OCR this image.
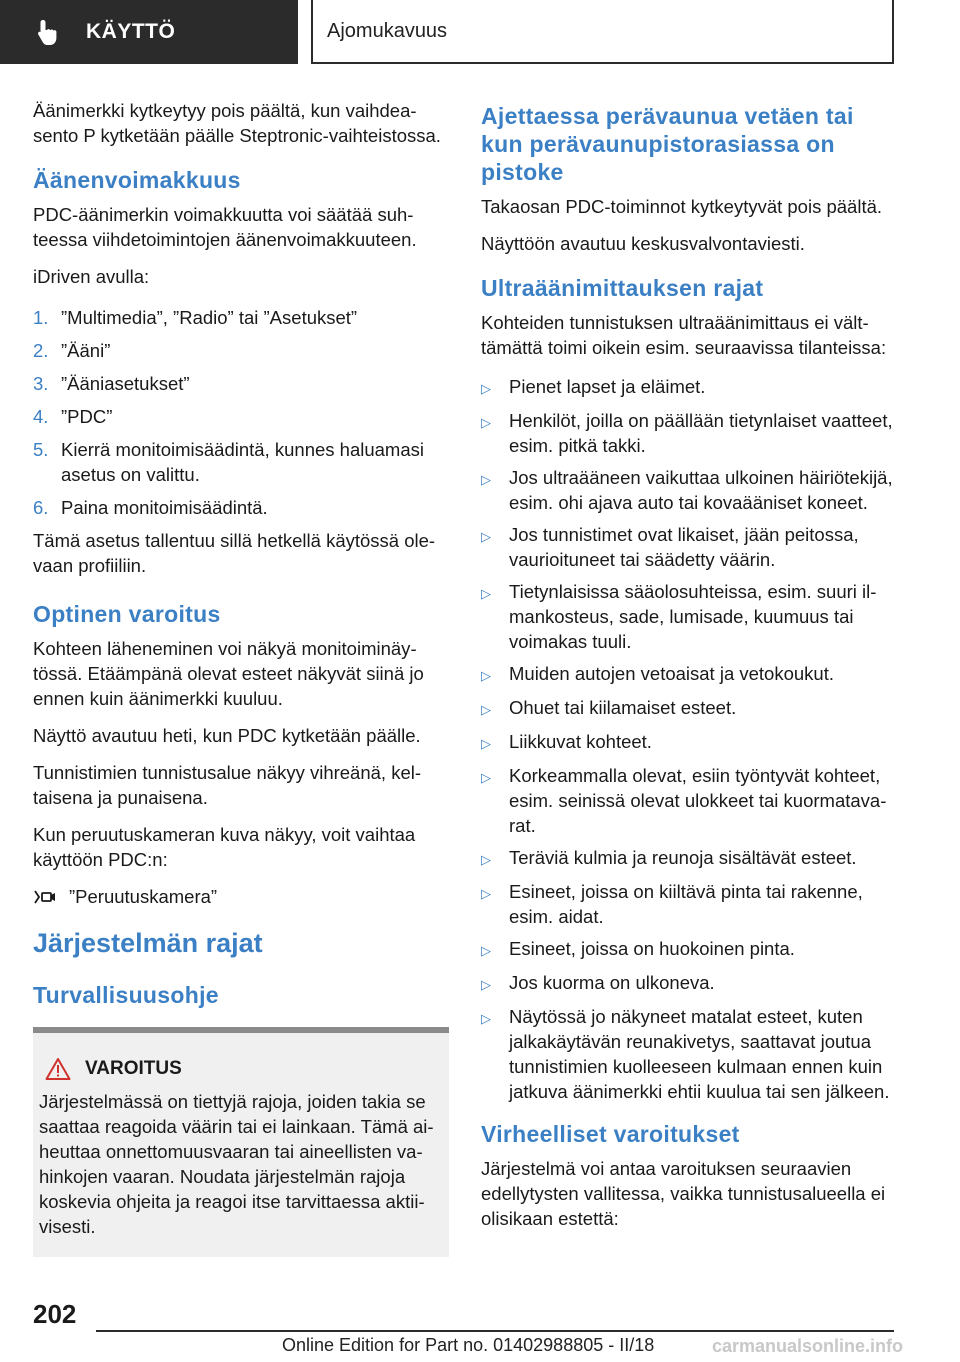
KÄYTTÖ	Ajomukavuus

Äänimerkki kytkeytyy pois päältä, kun vaihdeasento P kytketään päälle Steptronic-vaihteistossa.

Äänenvoimakkuus

PDC-äänimerkin voimakkuutta voi säätää suhteessa viihdetoimintojen äänenvoimakkuuteen.

iDriven avulla:

1. ”Multimedia”, ”Radio” tai ”Asetukset”
2. ”Ääni”
3. ”Ääniasetukset”
4. ”PDC”
5. Kierrä monitoimisäädintä, kunnes haluamasi asetus on valittu.
6. Paina monitoimisäädintä.

Tämä asetus tallentuu sillä hetkellä käytössä olevaan profiiliin.

Optinen varoitus

Kohteen läheneminen voi näkyä monitoiminäytössä. Etäämpänä olevat esteet näkyvät siinä jo ennen kuin äänimerkki kuuluu.

Näyttö avautuu heti, kun PDC kytketään päälle.

Tunnistimien tunnistusalue näkyy vihreänä, keltaisena ja punaisena.

Kun peruutuskameran kuva näkyy, voit vaihtaa käyttöön PDC:n:

”Peruutuskamera”
Järjestelmän rajat
Turvallisuusohje
VAROITUS

Järjestelmässä on tiettyjä rajoja, joiden takia se saattaa reagoida väärin tai ei lainkaan. Tämä aiheuttaa onnettomuusvaaran tai aineellisten vahinkojen vaaran. Noudata järjestelmän rajoja koskevia ohjeita ja reagoi itse tarvittaessa aktiivisesti.

Ajettaessa perävaunua vetäen tai kun perävaunupistorasiassa on pistoke

Takaosan PDC-toiminnot kytkeytyvät pois päältä.

Näyttöön avautuu keskusvalvontaviesti.

Ultraäänimittauksen rajat

Kohteiden tunnistuksen ultraäänimittaus ei välttämättä toimi oikein esim. seuraavissa tilanteissa:

▷ Pienet lapset ja eläimet.
▷ Henkilöt, joilla on päällään tietynlaiset vaatteet, esim. pitkä takki.
▷ Jos ultraääneen vaikuttaa ulkoinen häiriötekijä, esim. ohi ajava auto tai kovaääniset koneet.
▷ Jos tunnistimet ovat likaiset, jään peitossa, vaurioituneet tai säädetty väärin.
▷ Tietynlaisissa sääolosuhteissa, esim. suuri ilmankosteus, sade, lumisade, kuumuus tai voimakas tuuli.
▷ Muiden autojen vetoaisat ja vetokoukut.
▷ Ohuet tai kiilamaiset esteet.
▷ Liikkuvat kohteet.
▷ Korkeammalla olevat, esiin työntyvät kohteet, esim. seinissä olevat ulokkeet tai kuormatavarat.
▷ Teräviä kulmia ja reunoja sisältävät esteet.
▷ Esineet, joissa on kiiltävä pinta tai rakenne, esim. aidat.
▷ Esineet, joissa on huokoinen pinta.
▷ Jos kuorma on ulkoneva.
▷ Näytössä jo näkyneet matalat esteet, kuten jalkakäytävän reunakivetys, saattavat joutua tunnistimien kuolleeseen kulmaan ennen kuin jatkuva äänimerkki ehtii kuulua tai sen jälkeen.
Virheelliset varoitukset

Järjestelmä voi antaa varoituksen seuraavien edellytysten vallitessa, vaikka tunnistusalueella ei olisikaan estettä:

202
Online Edition for Part no. 01402988805 - II/18	carmanualsonline.info
